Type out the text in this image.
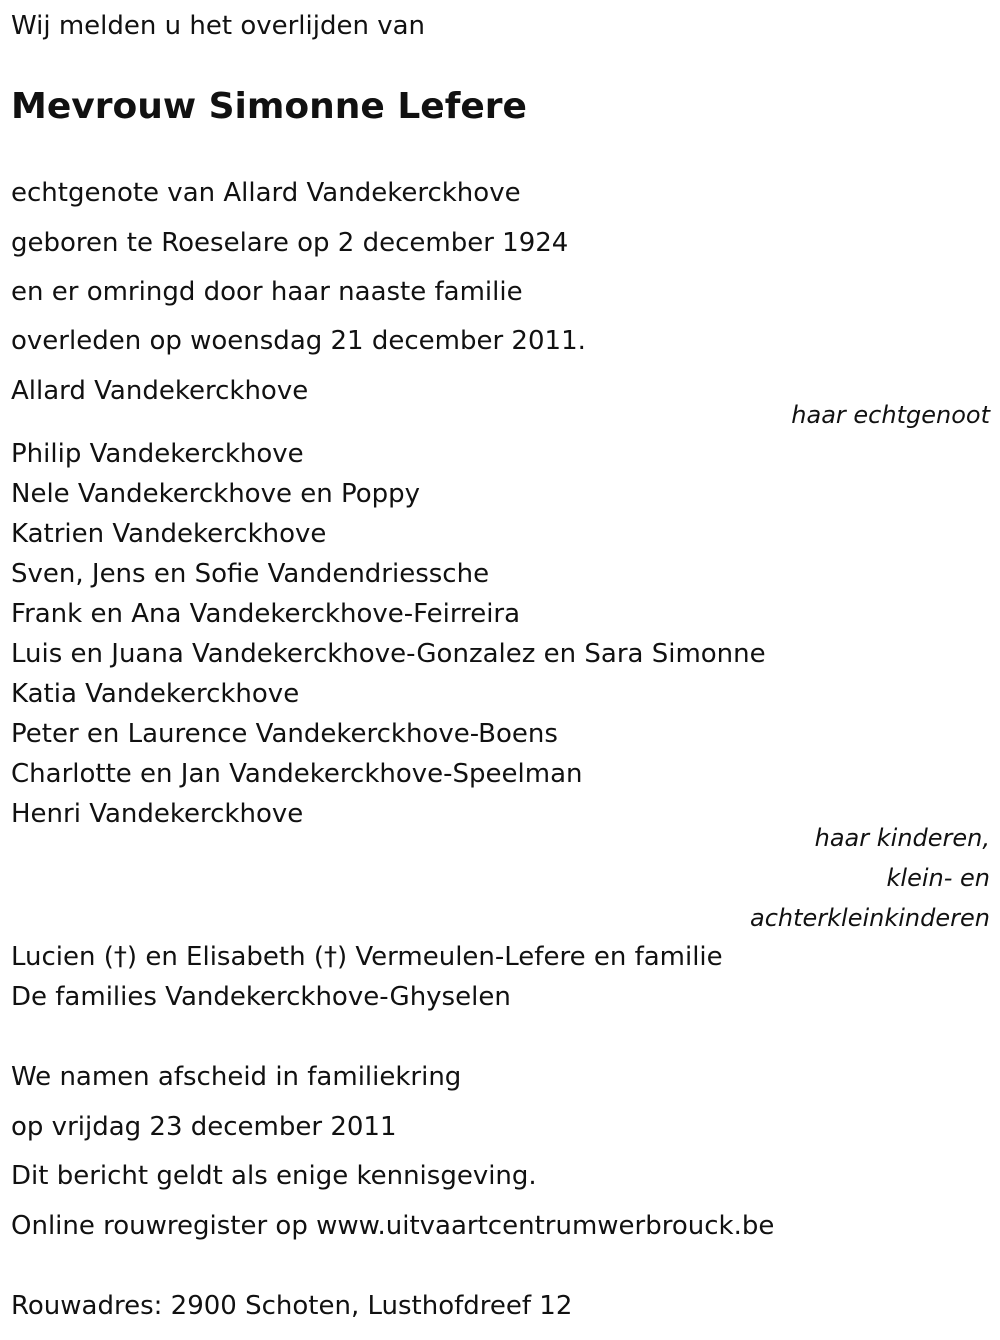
Wij melden u het overlijden van
Mevrouw Simonne Lefere
echtgenote van Allard Vandekerckhove
geboren te Roeselare op 2 december 1924
en er omringd door haar naaste familie
overleden op woensdag 21 december 2011.
Allard Vandekerckhove
haar echtgenoot
Philip Vandekerckhove
Nele Vandekerckhove en Poppy
Katrien Vandekerckhove
Sven, Jens en Sofie Vandendriessche
Frank en Ana Vandekerckhove-Feirreira
Luis en Juana Vandekerckhove-Gonzalez en Sara Simonne
Katia Vandekerckhove
Peter en Laurence Vandekerckhove-Boens
Charlotte en Jan Vandekerckhove-Speelman
Henri Vandekerckhove
haar kinderen,
klein- en
achterkleinkinderen
Lucien (†) en Elisabeth (†) Vermeulen-Lefere en familie
De families Vandekerckhove-Ghyselen
We namen afscheid in familiekring
op vrijdag 23 december 2011
Dit bericht geldt als enige kennisgeving.
Online rouwregister op www.uitvaartcentrumwerbrouck.be
Rouwadres: 2900 Schoten, Lusthofdreef 12
